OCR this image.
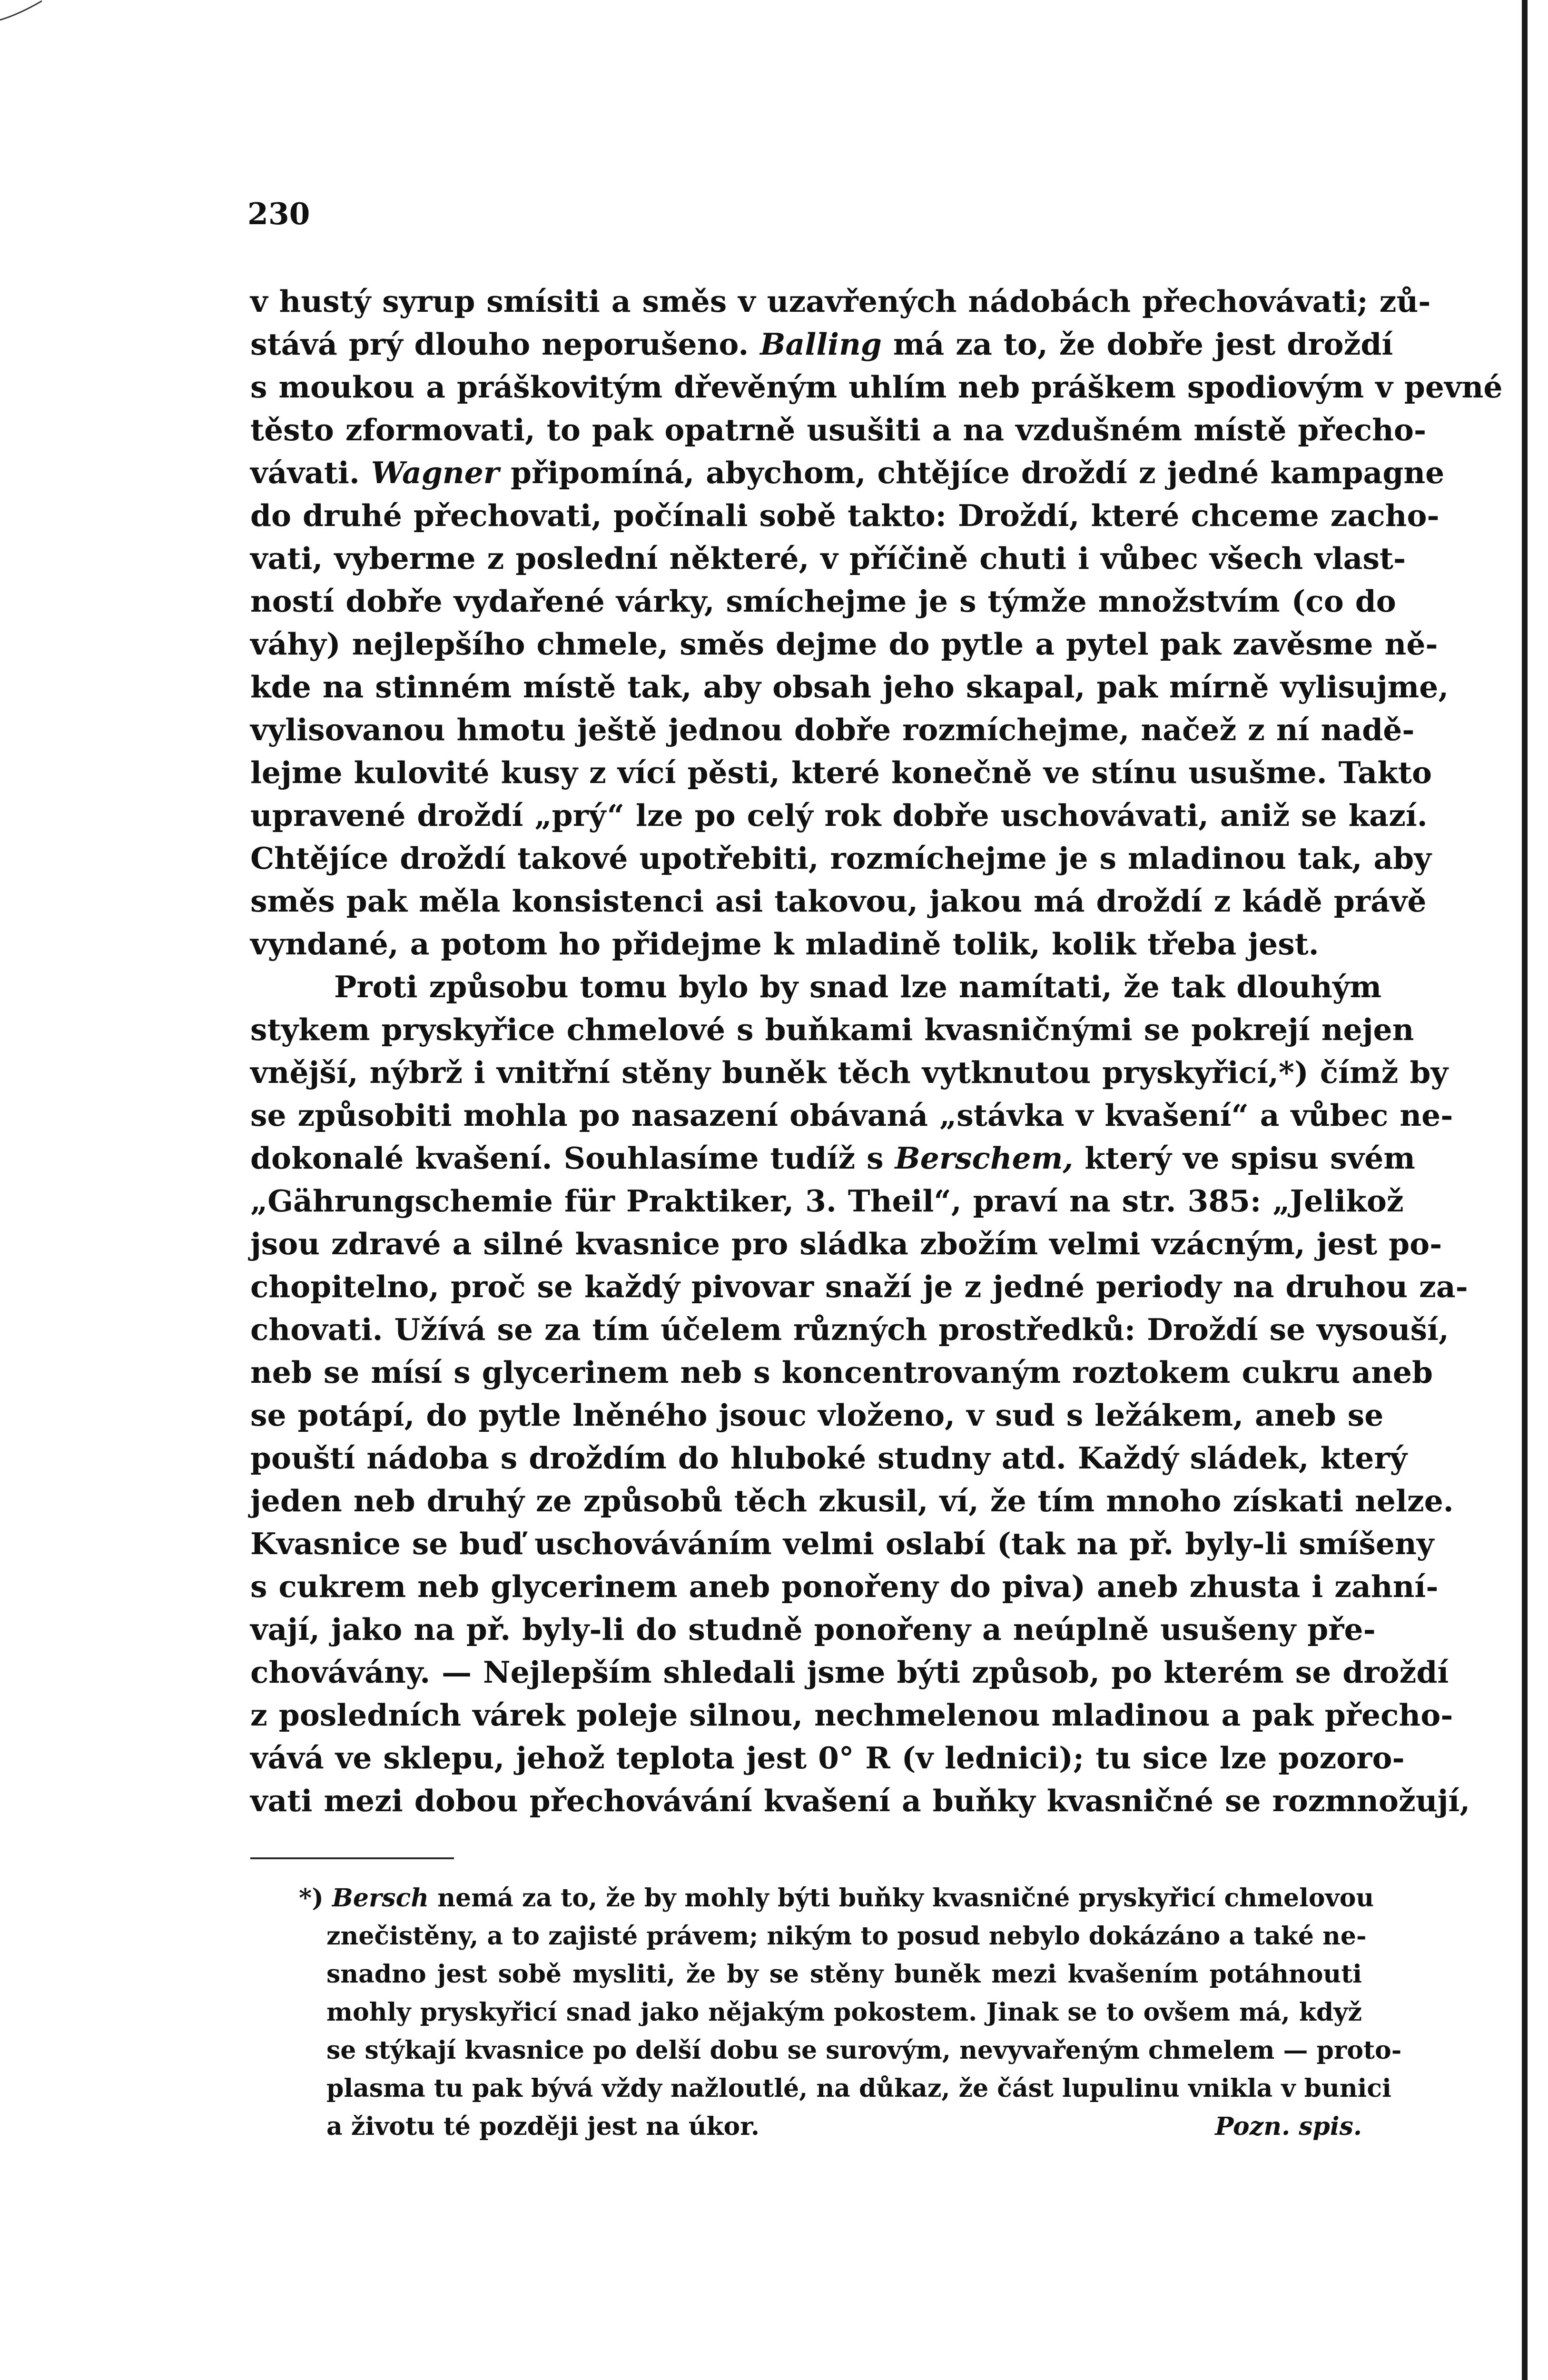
230

v hustý syrup smísiti a směs v uzavřených nádobách přechovávati; zů-
stává prý dlouho neporušeno. Balling má za to, že dobře jest droždí
s moukou a práškovitým dřevěným uhlím neb práškem spodiovým v pevné
těsto zformovati, to pak opatrně usušiti a na vzdušném místě přecho-
vávati. Wagner připomíná, abychom, chtějíce droždí z jedné kampagne
do druhé přechovati, počínali sobě takto: Droždí, které chceme zacho-
vati, vyberme z poslední některé, v příčině chuti i vůbec všech vlast-
ností dobře vydařené várky, smíchejme je s týmže množstvím (co do
váhy) nejlepšího chmele, směs dejme do pytle a pytel pak zavěsme ně-
kde na stinném místě tak, aby obsah jeho skapal, pak mírně vylisujme,
vylisovanou hmotu ještě jednou dobře rozmíchejme, načež z ní nadě-
lejme kulovité kusy z vící pěsti, které konečně ve stínu usušme. Takto
upravené droždí „prý“ lze po celý rok dobře uschovávati, aniž se kazí.
Chtějíce droždí takové upotřebiti, rozmíchejme je s mladinou tak, aby
směs pak měla konsistenci asi takovou, jakou má droždí z kádě právě
vyndané, a potom ho přidejme k mladině tolik, kolik třeba jest.

Proti způsobu tomu bylo by snad lze namítati, že tak dlouhým
stykem pryskyřice chmelové s buňkami kvasničnými se pokrejí nejen
vnější, nýbrž i vnitřní stěny buněk těch vytknutou pryskyřicí,*) čímž by
se způsobiti mohla po nasazení obávaná „stávka v kvašení“ a vůbec ne-
dokonalé kvašení. Souhlasíme tudíž s Berschem, který ve spisu svém
„Gährungschemie für Praktiker, 3. Theil“, praví na str. 385: „Jelikož
jsou zdravé a silné kvasnice pro sládka zbožím velmi vzácným, jest po-
chopitelno, proč se každý pivovar snaží je z jedné periody na druhou za-
chovati. Užívá se za tím účelem různých prostředků: Droždí se vysouší,
neb se mísí s glycerinem neb s koncentrovaným roztokem cukru aneb
se potápí, do pytle lněného jsouc vloženo, v sud s ležákem, aneb se
pouští nádoba s droždím do hluboké studny atd. Každý sládek, který
jeden neb druhý ze způsobů těch zkusil, ví, že tím mnoho získati nelze.
Kvasnice se buď uschováváním velmi oslabí (tak na př. byly-li smíšeny
s cukrem neb glycerinem aneb ponořeny do piva) aneb zhusta i zahní-
vají, jako na př. byly-li do studně ponořeny a neúplně usušeny pře-
chovávány. — Nejlepším shledali jsme býti způsob, po kterém se droždí
z posledních várek poleje silnou, nechmelenou mladinou a pak přecho-
vává ve sklepu, jehož teplota jest 0° R (v lednici); tu sice lze pozoro-
vati mezi dobou přechovávání kvašení a buňky kvasničné se rozmnožují,

*) Bersch nemá za to, že by mohly býti buňky kvasničné pryskyřicí chmelovou
znečistěny, a to zajisté právem; nikým to posud nebylo dokázáno a také ne-
snadno jest sobě mysliti, že by se stěny buněk mezi kvašením potáhnouti
mohly pryskyřicí snad jako nějakým pokostem. Jinak se to ovšem má, když
se stýkají kvasnice po delší dobu se surovým, nevyvařeným chmelem — proto-
plasma tu pak bývá vždy nažloutlé, na důkaz, že část lupulinu vnikla v bunici
a životu té později jest na úkor.	Pozn. spis.
